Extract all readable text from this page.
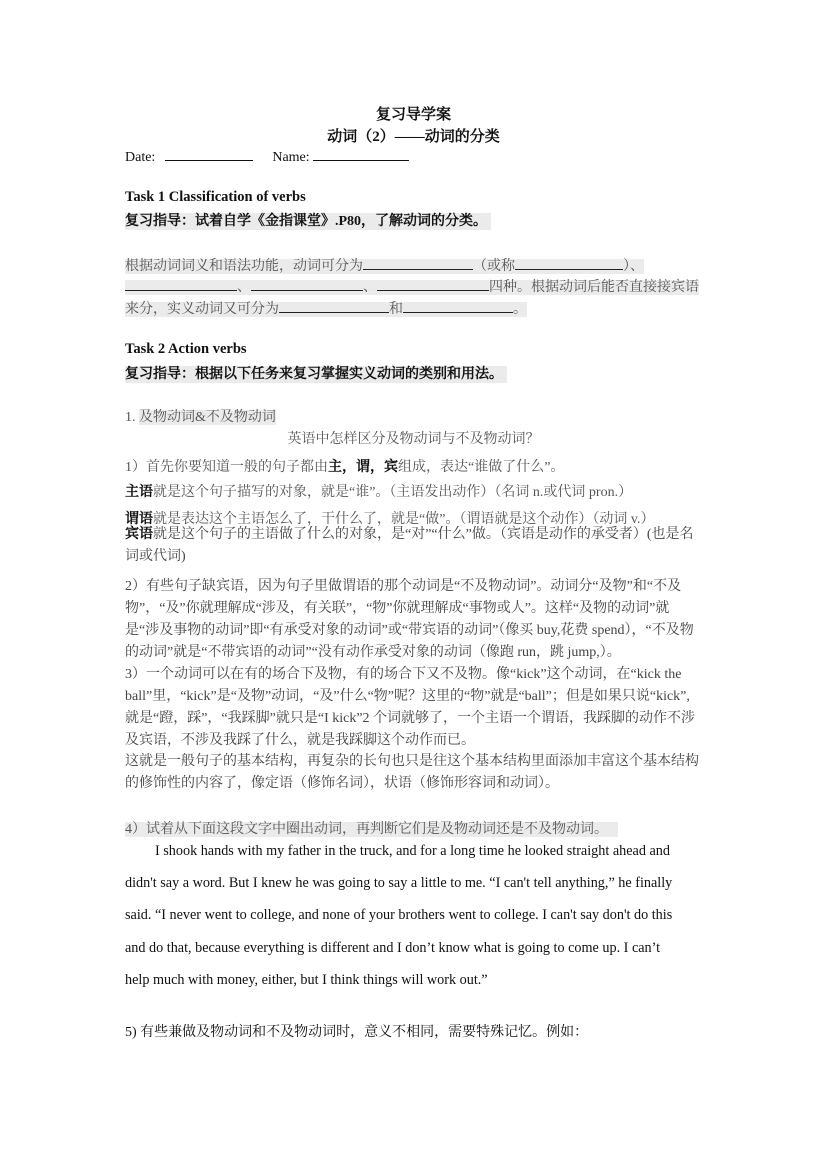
复习导学案
动词（2）——动词的分类
Date:	Name:
Task 1 Classification of verbs
复习指导：试着自学《金指课堂》.P80，了解动词的分类。
根据动词词义和语法功能，动词可分为	（或称	）、
、	、	四种。根据动词后能否直接接宾语
来分，实义动词又可分为	和	。
Task 2 Action verbs
复习指导：根据以下任务来复习掌握实义动词的类别和用法。
1. 及物动词&不及物动词
英语中怎样区分及物动词与不及物动词？
1）首先你要知道一般的句子都由主，谓，宾组成，表达“谁做了什么”。
主语就是这个句子描写的对象，就是“谁”。（主语发出动作）（名词 n.或代词 pron.）
谓语就是表达这个主语怎么了，干什么了，就是“做”。（谓语就是这个动作）（动词 v.）
宾语就是这个句子的主语做了什么的对象，是“对”“什么”做。（宾语是动作的承受者）(也是名词或代词)
2）有些句子缺宾语，因为句子里做谓语的那个动词是“不及物动词”。动词分“及物”和“不及物”，“及”你就理解成“涉及，有关联”，“物”你就理解成“事物或人”。这样“及物的动词”就是“涉及事物的动词”即“有承受对象的动词”或“带宾语的动词”（像买 buy,花费 spend），“不及物的动词”就是“不带宾语的动词”“没有动作承受对象的动词（像跑 run，跳 jump,）。
3）一个动词可以在有的场合下及物，有的场合下又不及物。像“kick”这个动词，在“kick the ball”里，“kick”是“及物”动词，“及”什么“物”呢？这里的“物”就是“ball”；但是如果只说“kick”,就是“蹬，踩”，“我踩脚”就只是“I kick”2 个词就够了，一个主语一个谓语，我踩脚的动作不涉及宾语，不涉及我踩了什么，就是我踩脚这个动作而已。
这就是一般句子的基本结构，再复杂的长句也只是往这个基本结构里面添加丰富这个基本结构的修饰性的内容了，像定语（修饰名词），状语（修饰形容词和动词）。
4）试着从下面这段文字中圈出动词，再判断它们是及物动词还是不及物动词。
I shook hands with my father in the truck, and for a long time he looked straight ahead and
didn't say a word. But I knew he was going to say a little to me. “I can't tell anything,” he finally
said. “I never went to college, and none of your brothers went to college. I can't say don't do this
and do that, because everything is different and I don’t know what is going to come up. I can’t
help much with money, either, but I think things will work out.”
5) 有些兼做及物动词和不及物动词时，意义不相同，需要特殊记忆。例如：
